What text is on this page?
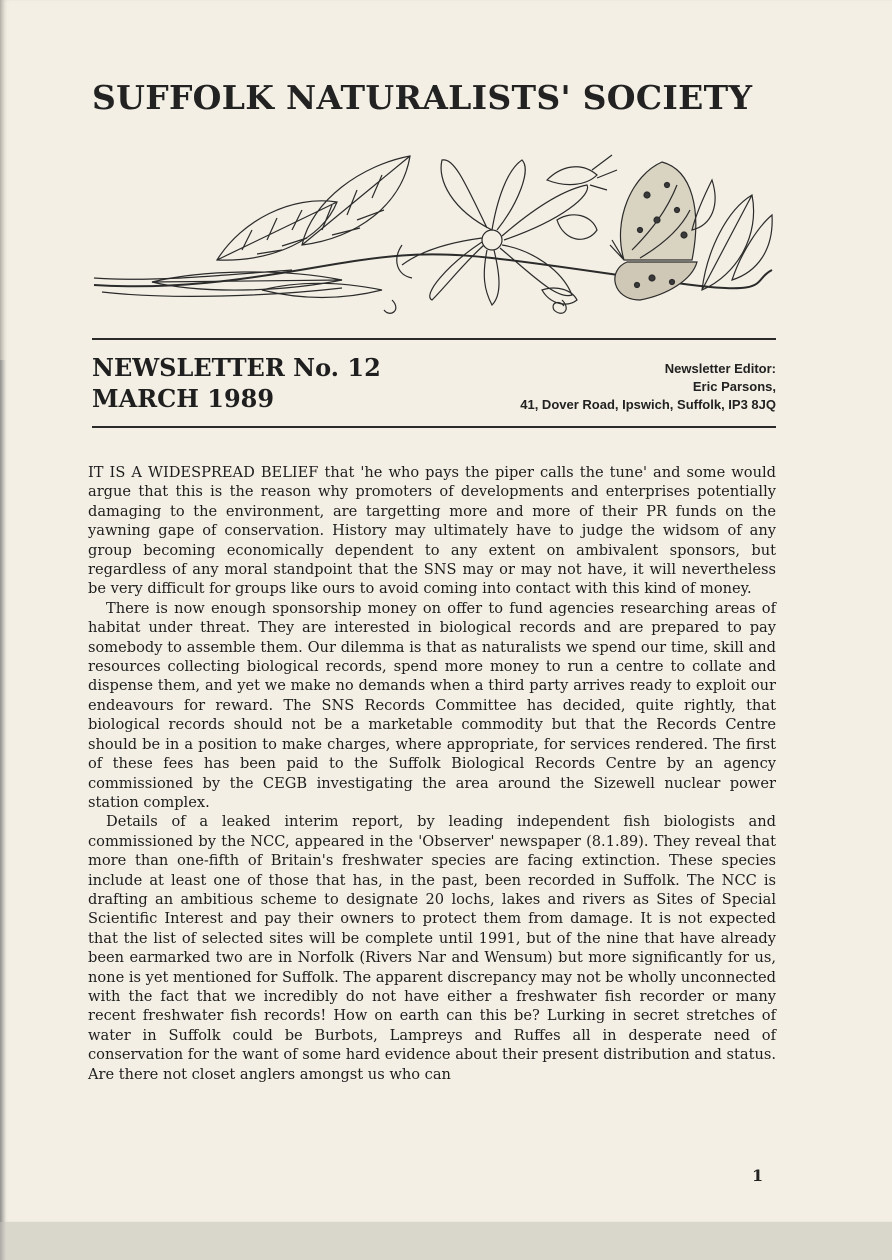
SUFFOLK NATURALISTS' SOCIETY
NEWSLETTER No. 12
MARCH 1989
Newsletter Editor:
Eric Parsons,
41, Dover Road, Ipswich, Suffolk, IP3 8JQ

IT IS A WIDESPREAD BELIEF that 'he who pays the piper calls the tune' and some would argue that this is the reason why promoters of developments and enterprises potentially damaging to the environment, are targetting more and more of their PR funds on the yawning gape of conservation. History may ultimately have to judge the widsom of any group becoming economically dependent to any extent on ambivalent sponsors, but regardless of any moral standpoint that the SNS may or may not have, it will nevertheless be very difficult for groups like ours to avoid coming into contact with this kind of money.

There is now enough sponsorship money on offer to fund agencies researching areas of habitat under threat. They are interested in biological records and are prepared to pay somebody to assemble them. Our dilemma is that as naturalists we spend our time, skill and resources collecting biological records, spend more money to run a centre to collate and dispense them, and yet we make no demands when a third party arrives ready to exploit our endeavours for reward. The SNS Records Committee has decided, quite rightly, that biological records should not be a marketable commodity but that the Records Centre should be in a position to make charges, where appropriate, for services rendered. The first of these fees has been paid to the Suffolk Biological Records Centre by an agency commissioned by the CEGB investigating the area around the Sizewell nuclear power station complex.

Details of a leaked interim report, by leading independent fish biologists and commissioned by the NCC, appeared in the 'Observer' newspaper (8.1.89). They reveal that more than one-fifth of Britain's freshwater species are facing extinction. These species include at least one of those that has, in the past, been recorded in Suffolk. The NCC is drafting an ambitious scheme to designate 20 lochs, lakes and rivers as Sites of Special Scientific Interest and pay their owners to protect them from damage. It is not expected that the list of selected sites will be complete until 1991, but of the nine that have already been earmarked two are in Norfolk (Rivers Nar and Wensum) but more significantly for us, none is yet mentioned for Suffolk. The apparent discrepancy may not be wholly unconnected with the fact that we incredibly do not have either a freshwater fish recorder or many recent freshwater fish records! How on earth can this be? Lurking in secret stretches of water in Suffolk could be Burbots, Lampreys and Ruffes all in desperate need of conservation for the want of some hard evidence about their present distribution and status. Are there not closet anglers amongst us who can

1
